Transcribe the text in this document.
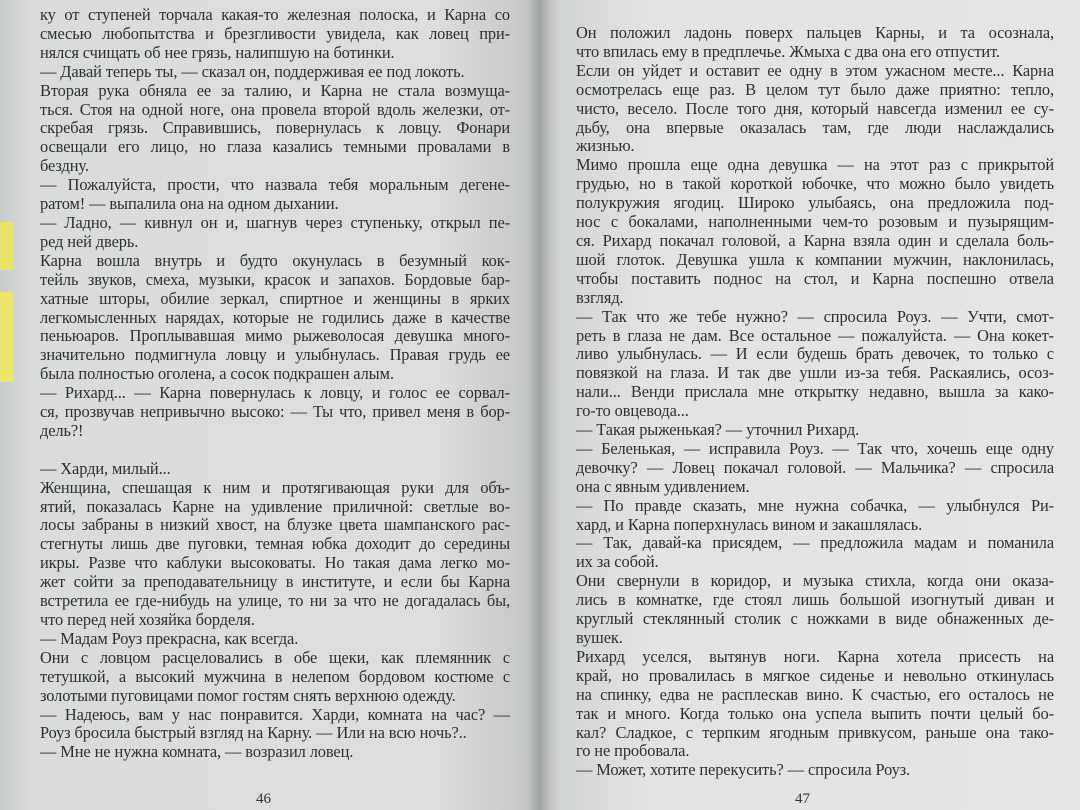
ку от ступеней торчала какая-то железная полоска, и Карна со
смесью любопытства и брезгливости увидела, как ловец при-
нялся счищать об нее грязь, налипшую на ботинки.
— Давай теперь ты, — сказал он, поддерживая ее под локоть.
Вторая рука обняла ее за талию, и Карна не стала возмуща-
ться. Стоя на одной ноге, она провела второй вдоль железки, от-
скребая грязь. Справившись, повернулась к ловцу. Фонари
освещали его лицо, но глаза казались темными провалами в
бездну.
— Пожалуйста, прости, что назвала тебя моральным дегене-
ратом! — выпалила она на одном дыхании.
— Ладно, — кивнул он и, шагнув через ступеньку, открыл пе-
ред ней дверь.
Карна вошла внутрь и будто окунулась в безумный кок-
тейль звуков, смеха, музыки, красок и запахов. Бордовые бар-
хатные шторы, обилие зеркал, спиртное и женщины в ярких
легкомысленных нарядах, которые не годились даже в качестве
пеньюаров. Проплывавшая мимо рыжеволосая девушка много-
значительно подмигнула ловцу и улыбнулась. Правая грудь ее
была полностью оголена, а сосок подкрашен алым.
— Рихард... — Карна повернулась к ловцу, и голос ее сорвал-
ся, прозвучав непривычно высоко: — Ты что, привел меня в бор-
дель?!
— Харди, милый...
Женщина, спешащая к ним и протягивающая руки для объ-
ятий, показалась Карне на удивление приличной: светлые во-
лосы забраны в низкий хвост, на блузке цвета шампанского рас-
стегнуты лишь две пуговки, темная юбка доходит до середины
икры. Разве что каблуки высоковаты. Но такая дама легко мо-
жет сойти за преподавательницу в институте, и если бы Карна
встретила ее где-нибудь на улице, то ни за что не догадалась бы,
что перед ней хозяйка борделя.
— Мадам Роуз прекрасна, как всегда.
Они с ловцом расцеловались в обе щеки, как племянник с
тетушкой, а высокий мужчина в нелепом бордовом костюме с
золотыми пуговицами помог гостям снять верхнюю одежду.
— Надеюсь, вам у нас понравится. Харди, комната на час? —
Роуз бросила быстрый взгляд на Карну. — Или на всю ночь?..
— Мне не нужна комната, — возразил ловец.
46
Он положил ладонь поверх пальцев Карны, и та осознала,
что впилась ему в предплечье. Жмыха с два она его отпустит.
Если он уйдет и оставит ее одну в этом ужасном месте... Карна
осмотрелась еще раз. В целом тут было даже приятно: тепло,
чисто, весело. После того дня, который навсегда изменил ее су-
дьбу, она впервые оказалась там, где люди наслаждались
жизнью.
Мимо прошла еще одна девушка — на этот раз с прикрытой
грудью, но в такой короткой юбочке, что можно было увидеть
полукружия ягодиц. Широко улыбаясь, она предложила под-
нос с бокалами, наполненными чем-то розовым и пузырящим-
ся. Рихард покачал головой, а Карна взяла один и сделала боль-
шой глоток. Девушка ушла к компании мужчин, наклонилась,
чтобы поставить поднос на стол, и Карна поспешно отвела
взгляд.
— Так что же тебе нужно? — спросила Роуз. — Учти, смот-
реть в глаза не дам. Все остальное — пожалуйста. — Она кокет-
ливо улыбнулась. — И если будешь брать девочек, то только с
повязкой на глаза. И так две ушли из-за тебя. Раскаялись, осоз-
нали... Венди прислала мне открытку недавно, вышла за како-
го-то овцевода...
— Такая рыженькая? — уточнил Рихард.
— Беленькая, — исправила Роуз. — Так что, хочешь еще одну
девочку? — Ловец покачал головой. — Мальчика? — спросила
она с явным удивлением.
— По правде сказать, мне нужна собачка, — улыбнулся Ри-
хард, и Карна поперхнулась вином и закашлялась.
— Так, давай-ка присядем, — предложила мадам и поманила
их за собой.
Они свернули в коридор, и музыка стихла, когда они оказа-
лись в комнатке, где стоял лишь большой изогнутый диван и
круглый стеклянный столик с ножками в виде обнаженных де-
вушек.
Рихард уселся, вытянув ноги. Карна хотела присесть на
край, но провалилась в мягкое сиденье и невольно откинулась
на спинку, едва не расплескав вино. К счастью, его осталось не
так и много. Когда только она успела выпить почти целый бо-
кал? Сладкое, с терпким ягодным привкусом, раньше она тако-
го не пробовала.
— Может, хотите перекусить? — спросила Роуз.
47
